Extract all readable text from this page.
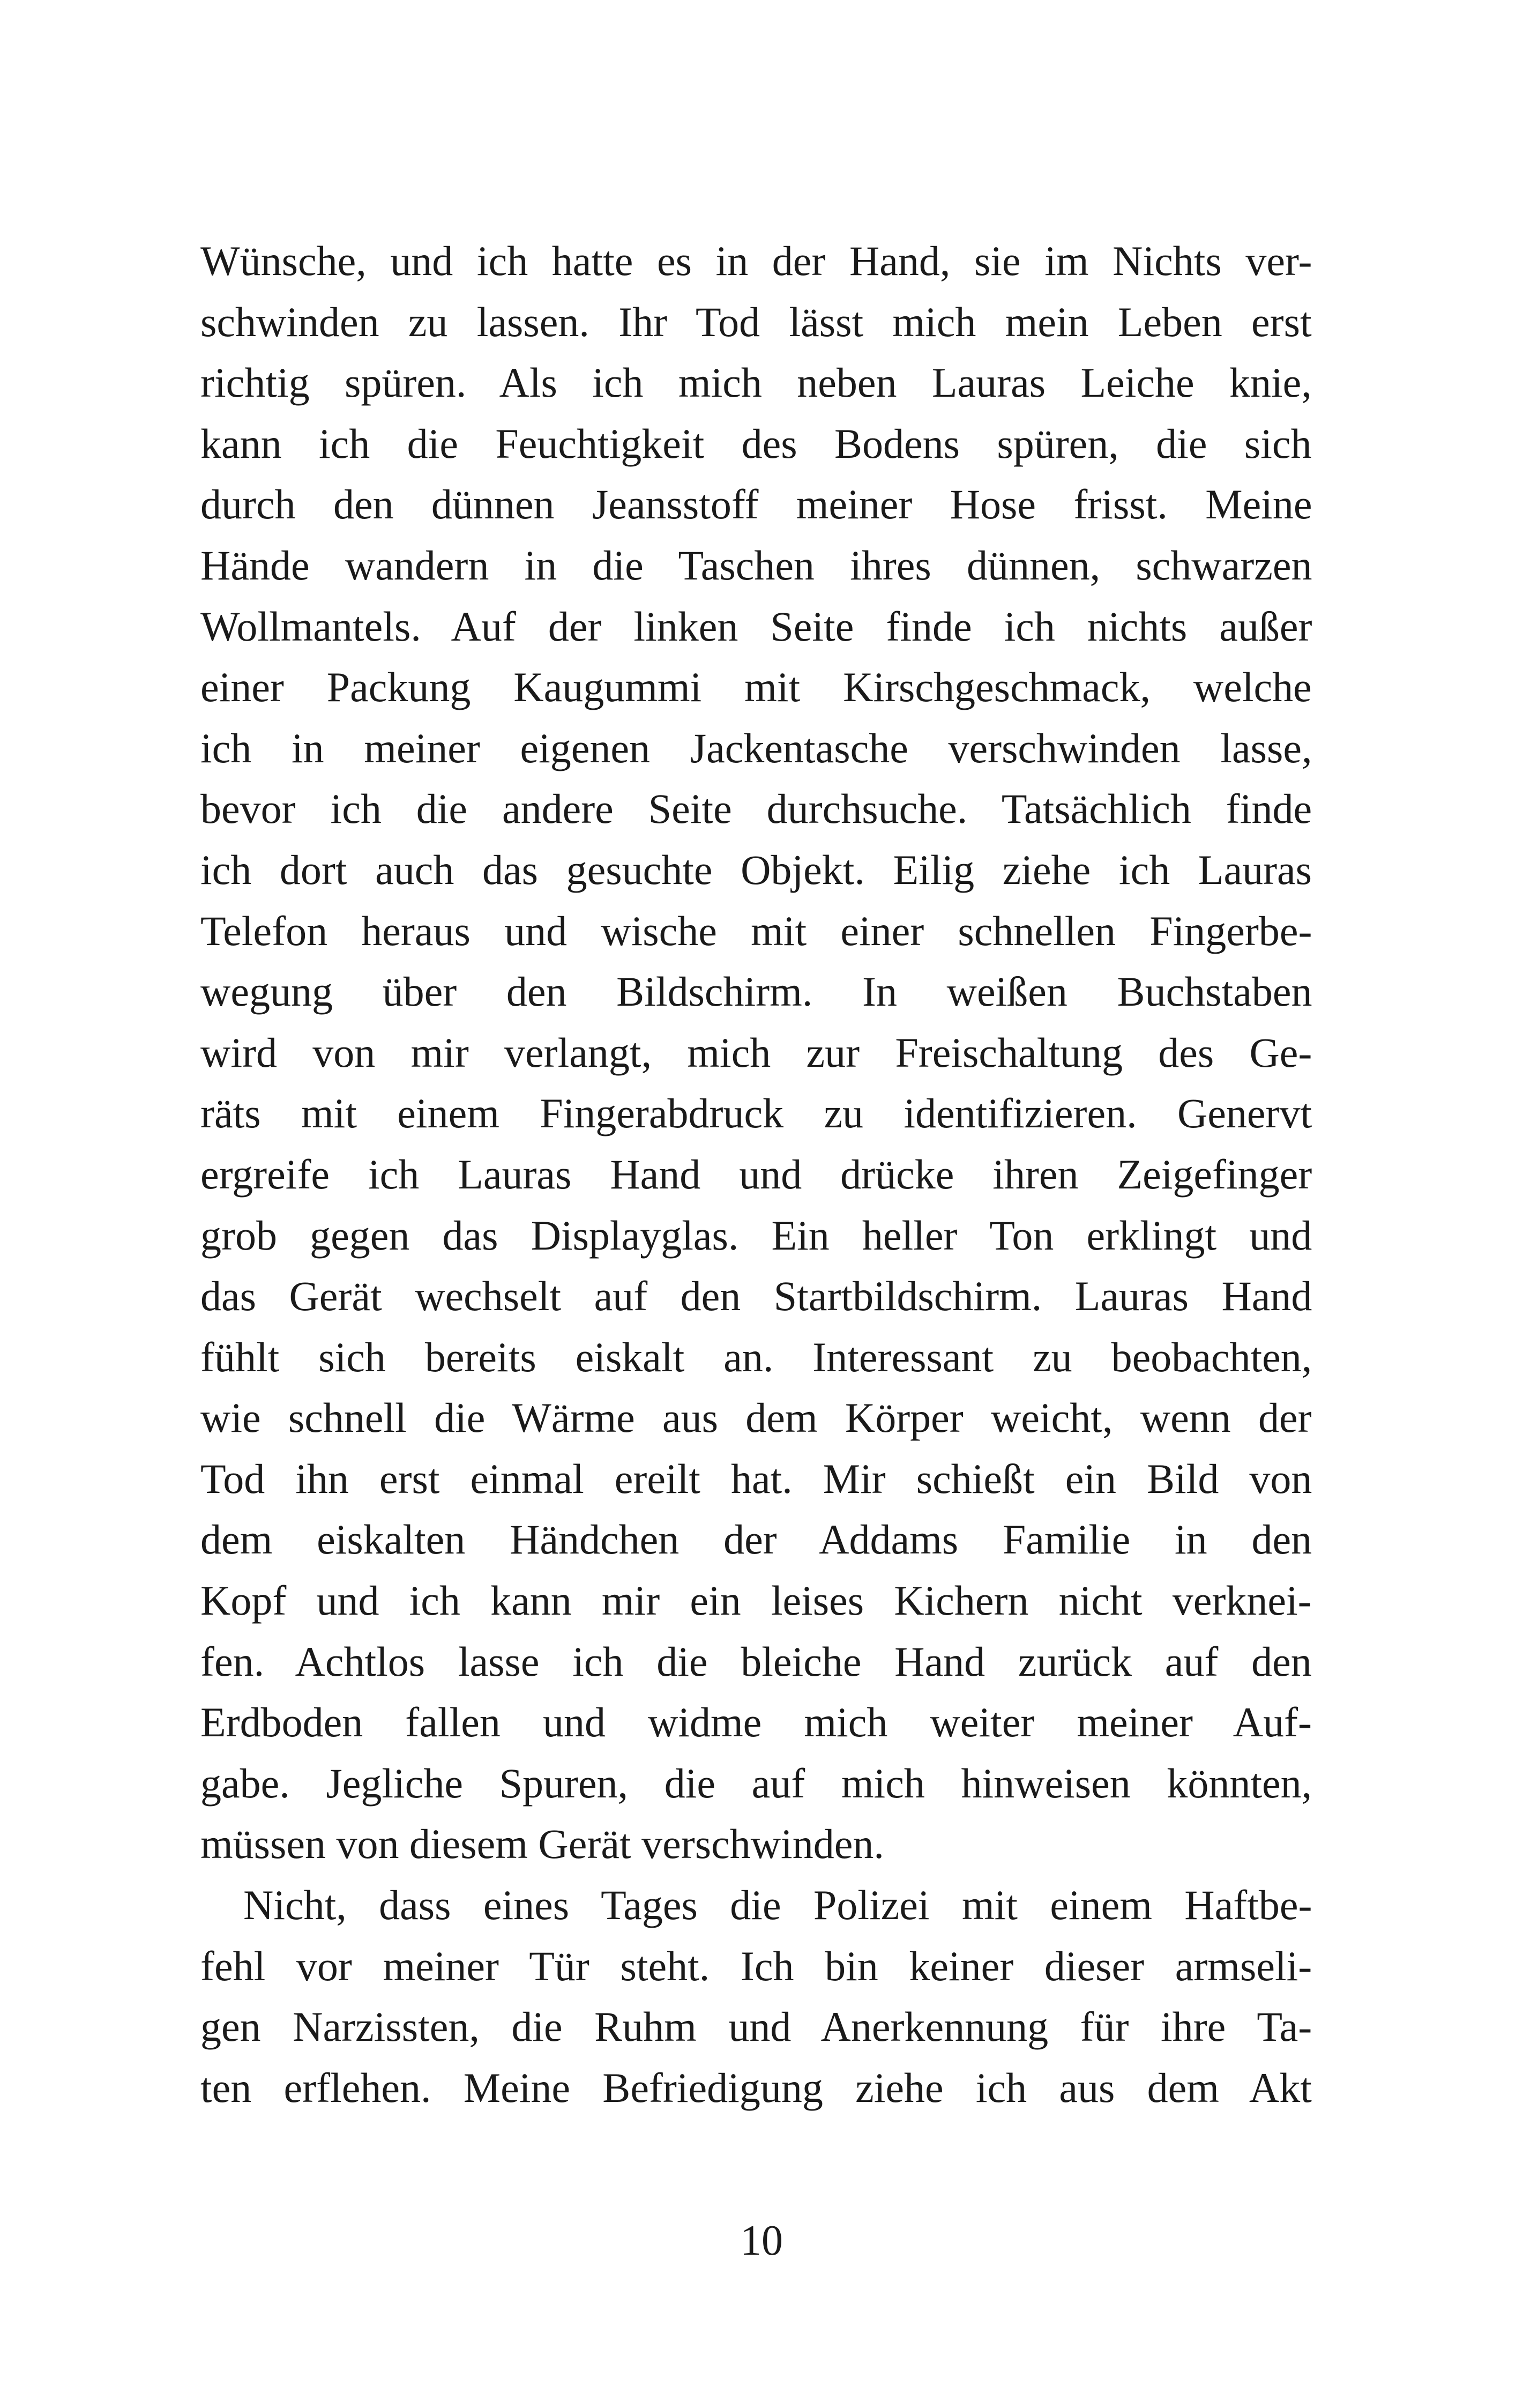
Wünsche, und ich hatte es in der Hand, sie im Nichts ver-
schwinden zu lassen. Ihr Tod lässt mich mein Leben erst
richtig spüren. Als ich mich neben Lauras Leiche knie,
kann ich die Feuchtigkeit des Bodens spüren, die sich
durch den dünnen Jeansstoff meiner Hose frisst. Meine
Hände wandern in die Taschen ihres dünnen, schwarzen
Wollmantels. Auf der linken Seite finde ich nichts außer
einer Packung Kaugummi mit Kirschgeschmack, welche
ich in meiner eigenen Jackentasche verschwinden lasse,
bevor ich die andere Seite durchsuche. Tatsächlich finde
ich dort auch das gesuchte Objekt. Eilig ziehe ich Lauras
Telefon heraus und wische mit einer schnellen Fingerbe-
wegung über den Bildschirm. In weißen Buchstaben
wird von mir verlangt, mich zur Freischaltung des Ge-
räts mit einem Fingerabdruck zu identifizieren. Genervt
ergreife ich Lauras Hand und drücke ihren Zeigefinger
grob gegen das Displayglas. Ein heller Ton erklingt und
das Gerät wechselt auf den Startbildschirm. Lauras Hand
fühlt sich bereits eiskalt an. Interessant zu beobachten,
wie schnell die Wärme aus dem Körper weicht, wenn der
Tod ihn erst einmal ereilt hat. Mir schießt ein Bild von
dem eiskalten Händchen der Addams Familie in den
Kopf und ich kann mir ein leises Kichern nicht verknei-
fen. Achtlos lasse ich die bleiche Hand zurück auf den
Erdboden fallen und widme mich weiter meiner Auf-
gabe. Jegliche Spuren, die auf mich hinweisen könnten,
müssen von diesem Gerät verschwinden.
Nicht, dass eines Tages die Polizei mit einem Haftbe-
fehl vor meiner Tür steht. Ich bin keiner dieser armseli-
gen Narzissten, die Ruhm und Anerkennung für ihre Ta-
ten erflehen. Meine Befriedigung ziehe ich aus dem Akt
10
